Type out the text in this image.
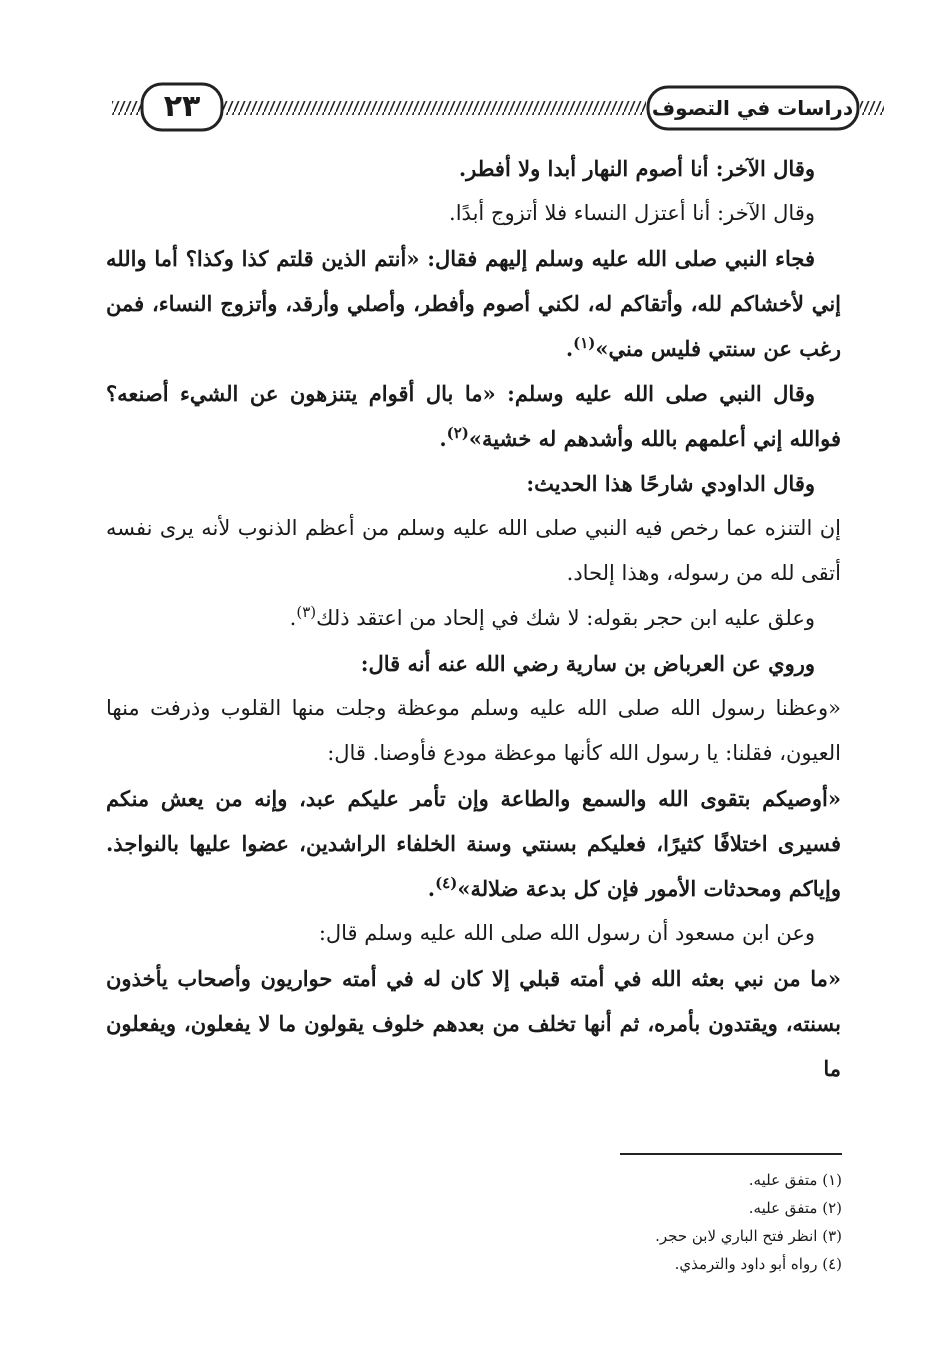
٢٣	دراسات في التصوف

وقال الآخر: أنا أصوم النهار أبدا ولا أفطر.

وقال الآخر: أنا أعتزل النساء فلا أتزوج أبدًا.

فجاء النبي صلى الله عليه وسلم إليهم فقال: «أنتم الذين قلتم كذا وكذا؟ أما والله إني لأخشاكم لله، وأتقاكم له، لكني أصوم وأفطر، وأصلي وأرقد، وأتزوج النساء، فمن رغب عن سنتي فليس مني»$^{(١)}$.

وقال النبي صلى الله عليه وسلم: «ما بال أقوام يتنزهون عن الشيء أصنعه؟ فوالله إني أعلمهم بالله وأشدهم له خشية»$^{(٢)}$.

وقال الداودي شارحًا هذا الحديث:

إن التنزه عما رخص فيه النبي صلى الله عليه وسلم من أعظم الذنوب لأنه يرى نفسه أتقى لله من رسوله، وهذا إلحاد.

وعلق عليه ابن حجر بقوله: لا شك في إلحاد من اعتقد ذلك$^{(٣)}$.

وروي عن العرباض بن سارية رضي الله عنه أنه قال:

«وعظنا رسول الله صلى الله عليه وسلم موعظة وجلت منها القلوب وذرفت منها العيون، فقلنا: يا رسول الله كأنها موعظة مودع فأوصنا. قال:

«أوصيكم بتقوى الله والسمع والطاعة وإن تأمر عليكم عبد، وإنه من يعش منكم فسيرى اختلافًا كثيرًا، فعليكم بسنتي وسنة الخلفاء الراشدين، عضوا عليها بالنواجذ. وإياكم ومحدثات الأمور فإن كل بدعة ضلالة»$^{(٤)}$.

وعن ابن مسعود أن رسول الله صلى الله عليه وسلم قال:

«ما من نبي بعثه الله في أمته قبلي إلا كان له في أمته حواريون وأصحاب يأخذون بسنته، ويقتدون بأمره، ثم أنها تخلف من بعدهم خلوف يقولون ما لا يفعلون، ويفعلون ما

(١) متفق عليه.

(٢) متفق عليه.

(٣) انظر فتح الباري لابن حجر.

(٤) رواه أبو داود والترمذي.
